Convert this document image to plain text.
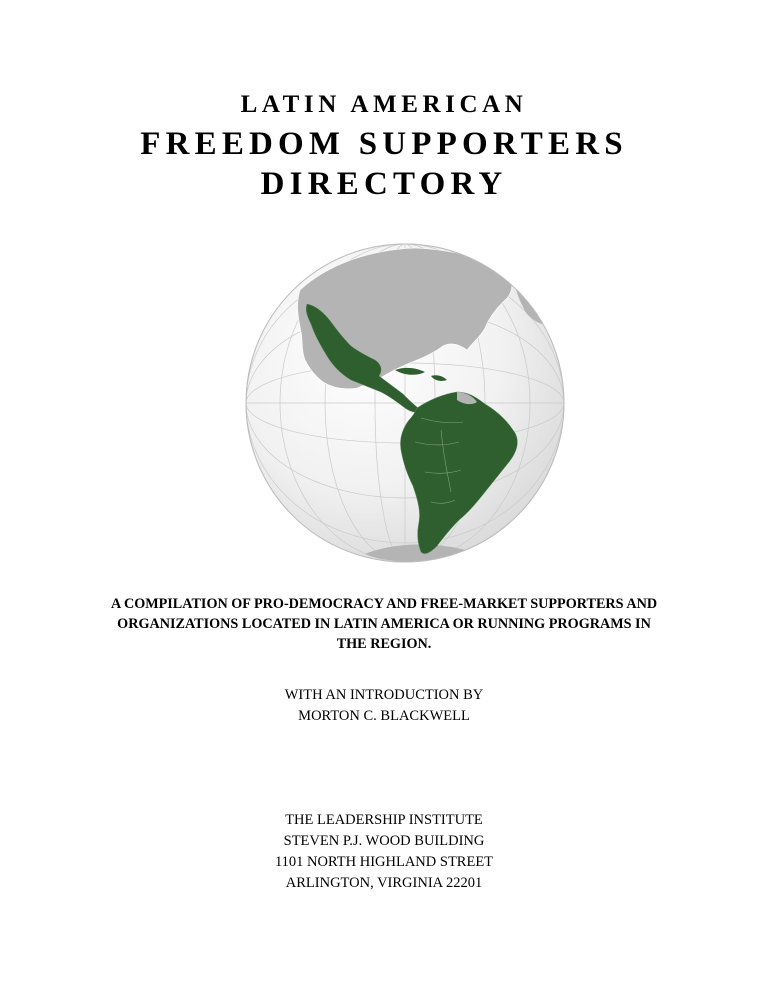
LATIN AMERICAN
FREEDOM SUPPORTERS
DIRECTORY
A COMPILATION OF PRO-DEMOCRACY AND FREE-MARKET SUPPORTERS AND
ORGANIZATIONS LOCATED IN LATIN AMERICA OR RUNNING PROGRAMS IN
THE REGION.
WITH AN INTRODUCTION BY
MORTON C. BLACKWELL
THE LEADERSHIP INSTITUTE
STEVEN P.J. WOOD BUILDING
1101 NORTH HIGHLAND STREET
ARLINGTON, VIRGINIA 22201
